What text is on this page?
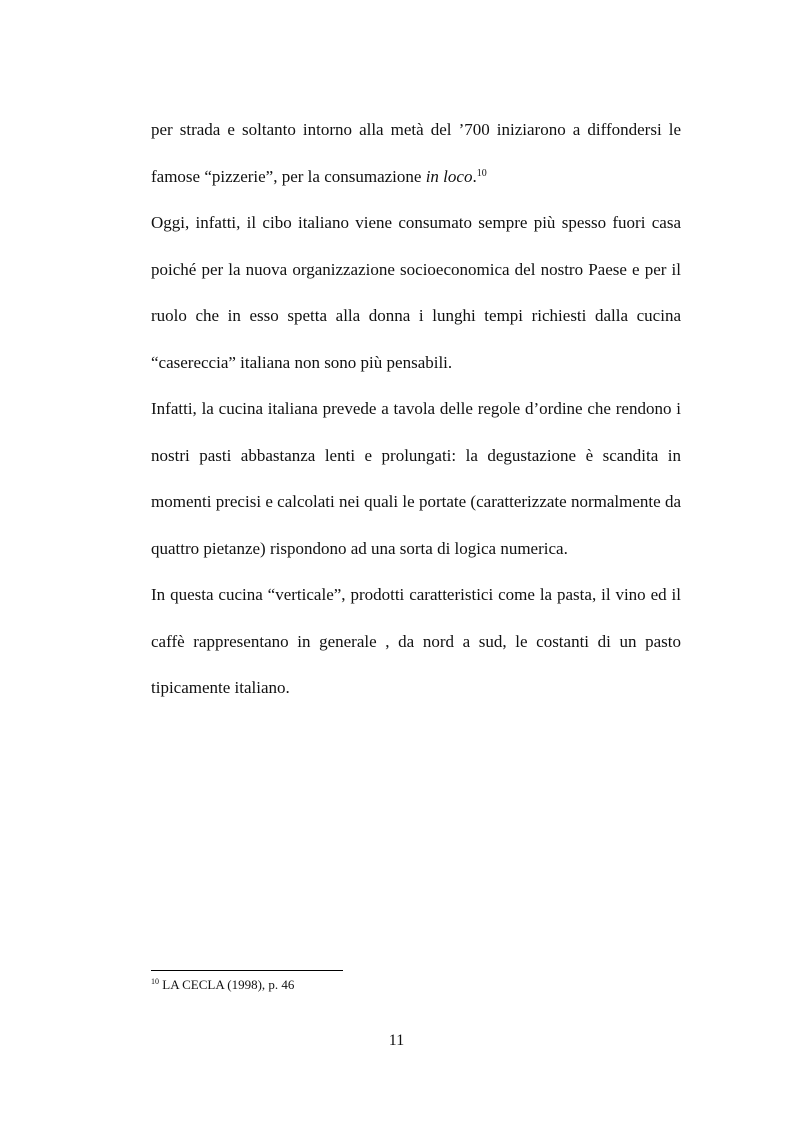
per strada e soltanto intorno alla metà del ’700 iniziarono a diffondersi le famose “pizzerie”, per la consumazione in loco.$^{10}$

Oggi, infatti, il cibo italiano viene consumato sempre più spesso fuori casa poiché per la nuova organizzazione socioeconomica del nostro Paese e per il ruolo che in esso spetta alla donna i lunghi tempi richiesti dalla cucina “casereccia” italiana non sono più pensabili.

Infatti, la cucina italiana prevede a tavola delle regole d’ordine che rendono i nostri pasti abbastanza lenti e prolungati: la degustazione è scandita in momenti precisi e calcolati nei quali le portate (caratterizzate normalmente da quattro pietanze) rispondono ad una sorta di logica numerica.

In questa cucina “verticale”, prodotti caratteristici come la pasta, il vino ed il caffè rappresentano in generale , da nord a sud, le costanti di un pasto tipicamente italiano.

$^{10}$ LA CECLA (1998), p. 46
11
